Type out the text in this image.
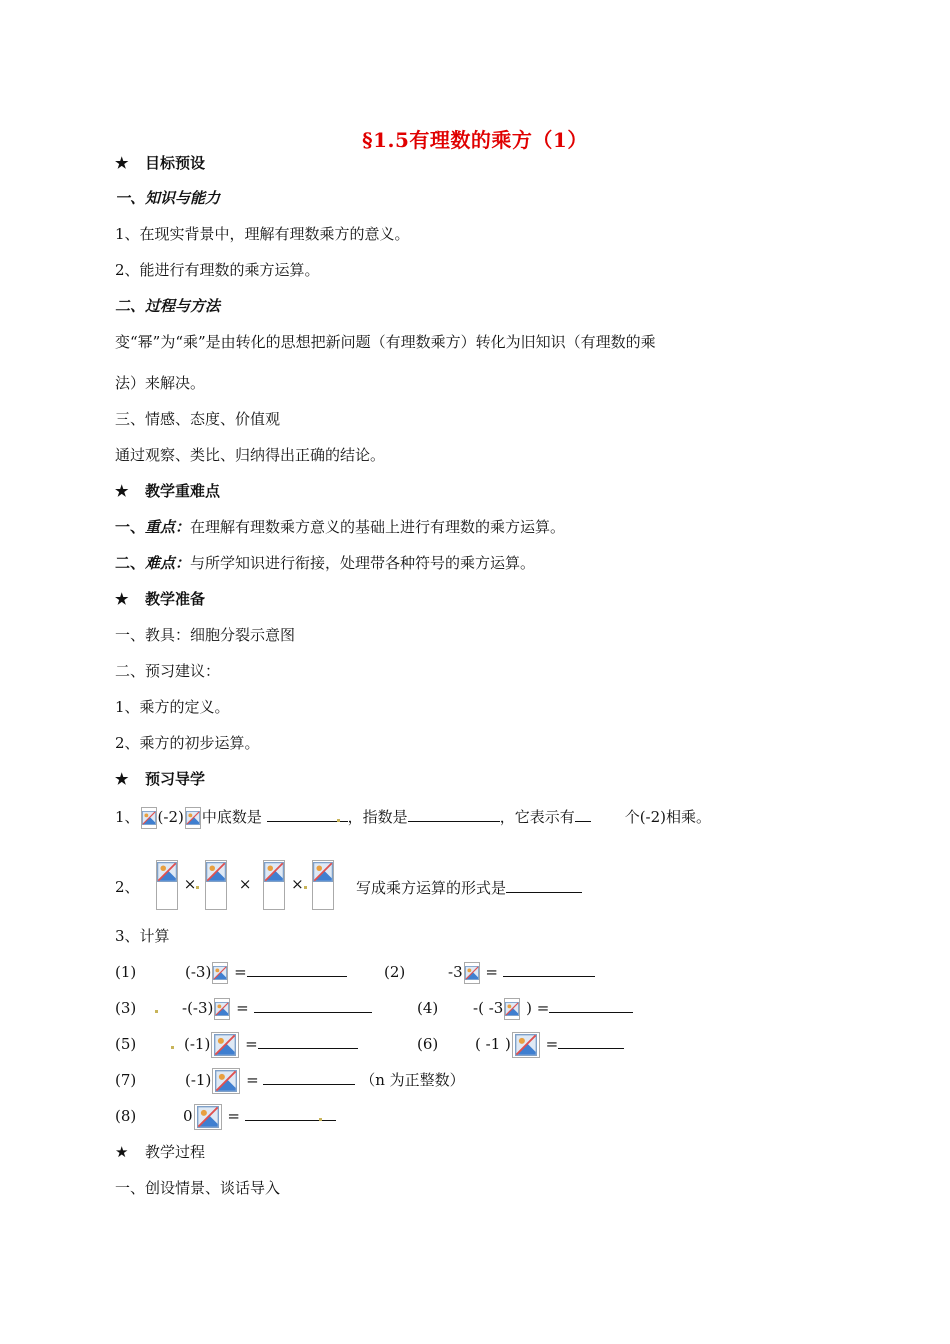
§1.5有理数的乘方（1）
★ 目标预设
一、知识与能力
1、在现实背景中，理解有理数乘方的意义。
2、能进行有理数的乘方运算。
二、过程与方法
变“幂”为“乘”是由转化的思想把新问题（有理数乘方）转化为旧知识（有理数的乘
法）来解决。
三、情感、态度、价值观
通过观察、类比、归纳得出正确的结论。
★ 教学重难点
一、重点：在理解有理数乘方意义的基础上进行有理数的乘方运算。
二、难点：与所学知识进行衔接，处理带各种符号的乘方运算。
★ 教学准备
一、教具：细胞分裂示意图
二、预习建议：
1、乘方的定义。
2、乘方的初步运算。
★ 预习导学
1、 (-2) 中底数是	，指数是	，它表示有	个(-2)相乘。
2、	×	×	×	写成乘方运算的形式是
3、计算
(1)	(-3) =	(2)	-3 =
(3)	-(-3) =	(4) -( -3 ) =
(5)	(-1) =	(6) ( -1 ) =
(7)	(-1) =	（n 为正整数）
(8)	0 =
★ 教学过程
一、创设情景、谈话导入
